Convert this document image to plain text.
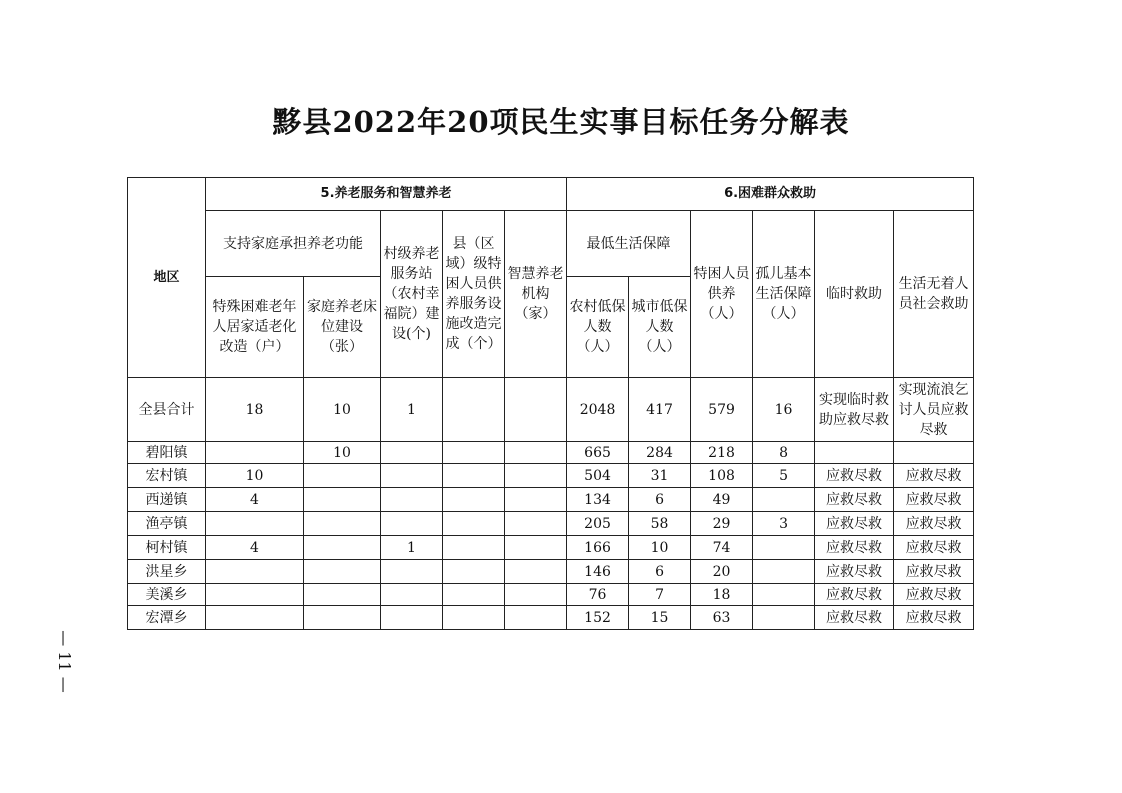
黟县2022年20项民生实事目标任务分解表
地区	5.养老服务和智慧养老					6.困难群众救助					
	支持家庭承担养老功能		村级养老服务站（农村幸福院）建设(个)	县（区域）级特困人员供养服务设施改造完成（个）	智慧养老机构（家）	最低生活保障		特困人员供养（人）	孤儿基本生活保障（人）	临时救助	生活无着人员社会救助
	特殊困难老年人居家适老化改造（户）	家庭养老床位建设（张）				农村低保人数（人）	城市低保人数（人）				
全县合计	18	10	1			2048	417	579	16	实现临时救助应救尽救	实现流浪乞讨人员应救尽救
碧阳镇		10				665	284	218	8		
宏村镇	10					504	31	108	5	应救尽救	应救尽救
西递镇	4					134	6	49		应救尽救	应救尽救
渔亭镇						205	58	29	3	应救尽救	应救尽救
柯村镇	4		1			166	10	74		应救尽救	应救尽救
洪星乡						146	6	20		应救尽救	应救尽救
美溪乡						76	7	18		应救尽救	应救尽救
宏潭乡						152	15	63		应救尽救	应救尽救
— 11 —
